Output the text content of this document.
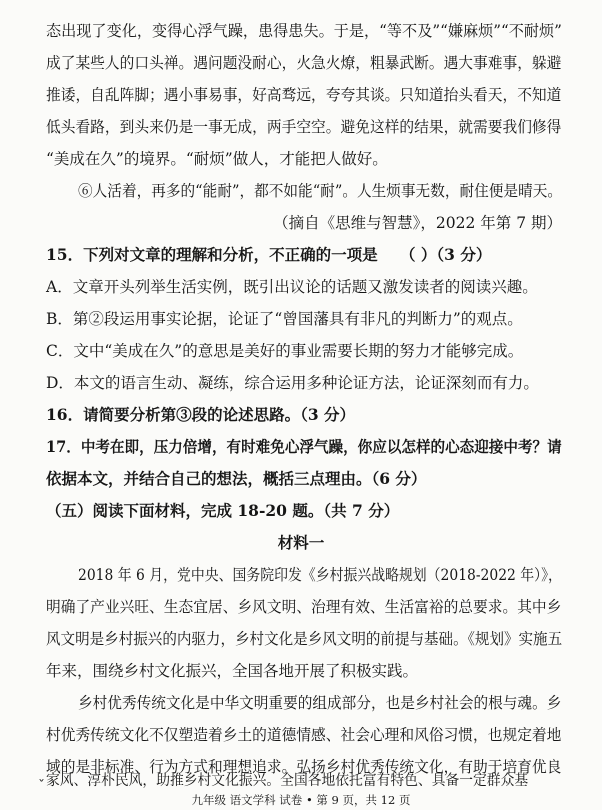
态出现了变化，变得心浮气躁，患得患失。于是，“等不及”“嫌麻烦”“不耐烦”
成了某些人的口头禅。遇问题没耐心，火急火燎，粗暴武断。遇大事难事，躲避
推诿，自乱阵脚；遇小事易事，好高骛远，夸夸其谈。只知道抬头看天，不知道
低头看路，到头来仍是一事无成，两手空空。避免这样的结果，就需要我们修得
“美成在久”的境界。“耐烦”做人，才能把人做好。
⑥人活着，再多的“能耐”，都不如能“耐”。人生烦事无数，耐住便是晴天。
（摘自《思维与智慧》，2022 年第 7 期）
15．下列对文章的理解和分析，不正确的一项是 （ ）（3 分）
A．文章开头列举生活实例，既引出议论的话题又激发读者的阅读兴趣。
B．第②段运用事实论据，论证了“曾国藩具有非凡的判断力”的观点。
C．文中“美成在久”的意思是美好的事业需要长期的努力才能够完成。
D．本文的语言生动、凝练，综合运用多种论证方法，论证深刻而有力。
16．请简要分析第③段的论述思路。（3 分）
17．中考在即，压力倍增，有时难免心浮气躁，你应以怎样的心态迎接中考？请
依据本文，并结合自己的想法，概括三点理由。（6 分）
（五）阅读下面材料，完成 18-20 题。（共 7 分）
材料一
2018 年 6 月，党中央、国务院印发《乡村振兴战略规划（2018-2022 年）》，
明确了产业兴旺、生态宜居、乡风文明、治理有效、生活富裕的总要求。其中乡
风文明是乡村振兴的内驱力，乡村文化是乡风文明的前提与基础。《规划》实施五
年来，围绕乡村文化振兴，全国各地开展了积极实践。
乡村优秀传统文化是中华文明重要的组成部分，也是乡村社会的根与魂。乡
村优秀传统文化不仅塑造着乡土的道德情感、社会心理和风俗习惯，也规定着地
域的是非标准、行为方式和理想追求。弘扬乡村优秀传统文化，有助于培育优良
家风、淳朴民风，助推乡村文化振兴。全国各地依托富有特色、具备一定群众基
ˇ
九年级 语文学科 试卷 • 第 9 页，共 12 页
